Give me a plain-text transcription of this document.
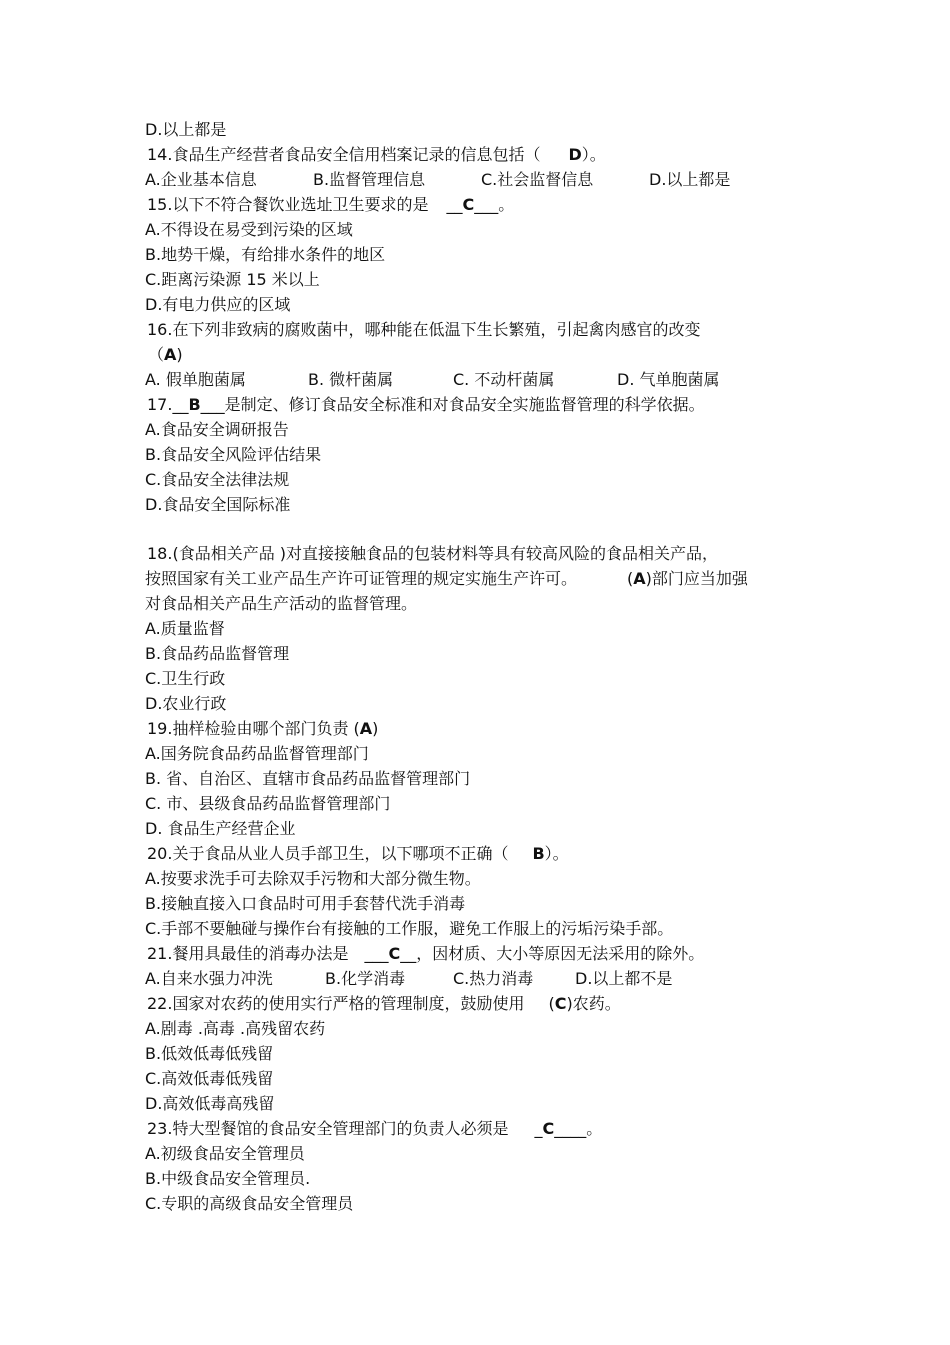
D.以上都是
14.食品生产经营者食品安全信用档案记录的信息包括（ D）。
A.企业基本信息	B.监督管理信息	C.社会监督信息	D.以上都是
15.以下不符合餐饮业选址卫生要求的是 __C___。
A.不得设在易受到污染的区域
B.地势干燥，有给排水条件的地区
C.距离污染源 15 米以上
D.有电力供应的区域
16.在下列非致病的腐败菌中，哪种能在低温下生长繁殖，引起禽肉感官的改变
（A)
A. 假单胞菌属	B. 微杆菌属	C. 不动杆菌属	D. 气单胞菌属
17.__B___是制定、修订食品安全标准和对食品安全实施监督管理的科学依据。
A.食品安全调研报告
B.食品安全风险评估结果
C.食品安全法律法规
D.食品安全国际标准
18.(食品相关产品 )对直接接触食品的包装材料等具有较高风险的食品相关产品，
按照国家有关工业产品生产许可证管理的规定实施生产许可。	(A)部门应当加强
对食品相关产品生产活动的监督管理。
A.质量监督
B.食品药品监督管理
C.卫生行政
D.农业行政
19.抽样检验由哪个部门负责 (A)
A.国务院食品药品监督管理部门
B. 省、自治区、直辖市食品药品监督管理部门
C. 市、县级食品药品监督管理部门
D. 食品生产经营企业
20.关于食品从业人员手部卫生，以下哪项不正确（ B）。
A.按要求洗手可去除双手污物和大部分微生物。
B.接触直接入口食品时可用手套替代洗手消毒
C.手部不要触碰与操作台有接触的工作服，避免工作服上的污垢污染手部。
21.餐用具最佳的消毒办法是 ___C__，因材质、大小等原因无法采用的除外。
A.自来水强力冲洗	B.化学消毒	C.热力消毒	D.以上都不是
22.国家对农药的使用实行严格的管理制度，鼓励使用 (C)农药。
A.剧毒 .高毒 .高残留农药
B.低效低毒低残留
C.高效低毒低残留
D.高效低毒高残留
23.特大型餐馆的食品安全管理部门的负责人必须是 _C____。
A.初级食品安全管理员
B.中级食品安全管理员.
C.专职的高级食品安全管理员
